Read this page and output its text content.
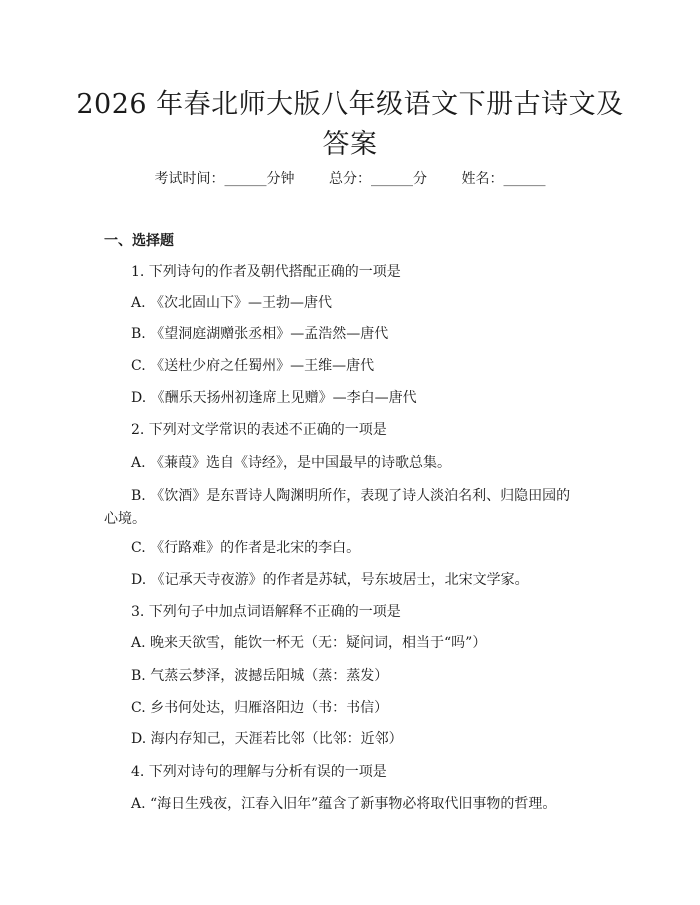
2026 年春北师大版八年级语文下册古诗文及
答案
考试时间：______分钟 总分：______分 姓名：______
一、选择题
1. 下列诗句的作者及朝代搭配正确的一项是
A. 《次北固山下》—王勃—唐代
B. 《望洞庭湖赠张丞相》—孟浩然—唐代
C. 《送杜少府之任蜀州》—王维—唐代
D. 《酬乐天扬州初逢席上见赠》—李白—唐代
2. 下列对文学常识的表述不正确的一项是
A. 《蒹葭》选自《诗经》，是中国最早的诗歌总集。
B. 《饮酒》是东晋诗人陶渊明所作，表现了诗人淡泊名利、归隐田园的心境。
C. 《行路难》的作者是北宋的李白。
D. 《记承天寺夜游》的作者是苏轼，号东坡居士，北宋文学家。
3. 下列句子中加点词语解释不正确的一项是
A. 晚来天欲雪，能饮一杯无（无：疑问词，相当于“吗”）
B. 气蒸云梦泽，波撼岳阳城（蒸：蒸发）
C. 乡书何处达，归雁洛阳边（书：书信）
D. 海内存知己，天涯若比邻（比邻：近邻）
4. 下列对诗句的理解与分析有误的一项是
A. “海日生残夜，江春入旧年”蕴含了新事物必将取代旧事物的哲理。
